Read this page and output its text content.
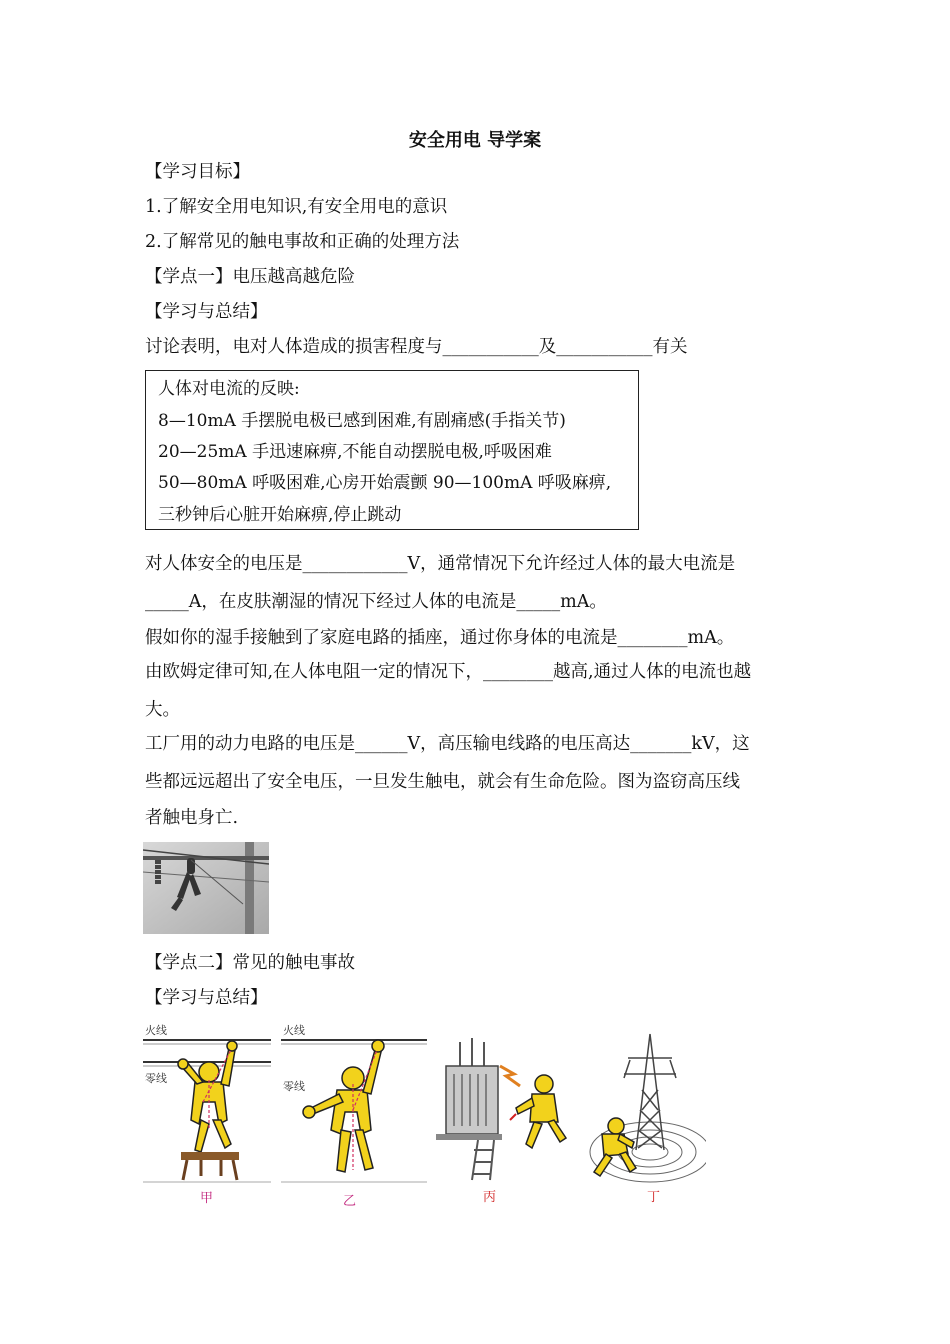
安全用电 导学案
【学习目标】
1.了解安全用电知识,有安全用电的意识
2.了解常见的触电事故和正确的处理方法
【学点一】电压越高越危险
【学习与总结】
讨论表明，电对人体造成的损害程度与___________及___________有关
人体对电流的反映:
8—10mA 手摆脱电极已感到困难,有剧痛感(手指关节)
20—25mA 手迅速麻痹,不能自动摆脱电极,呼吸困难
50—80mA 呼吸困难,心房开始震颤 90—100mA 呼吸麻痹,
三秒钟后心脏开始麻痹,停止跳动
对人体安全的电压是____________V，通常情况下允许经过人体的最大电流是
_____A，在皮肤潮湿的情况下经过人体的电流是_____mA。
假如你的湿手接触到了家庭电路的插座，通过你身体的电流是________mA。
由欧姆定律可知,在人体电阻一定的情况下，________越高,通过人体的电流也越
大。
工厂用的动力电路的电压是______V，高压输电线路的电压高达_______kV，这
些都远远超出了安全电压，一旦发生触电，就会有生命危险。图为盗窃高压线
者触电身亡.
【学点二】常见的触电事故
【学习与总结】
火线
零线
甲
火线
零线
乙	丙	丁
